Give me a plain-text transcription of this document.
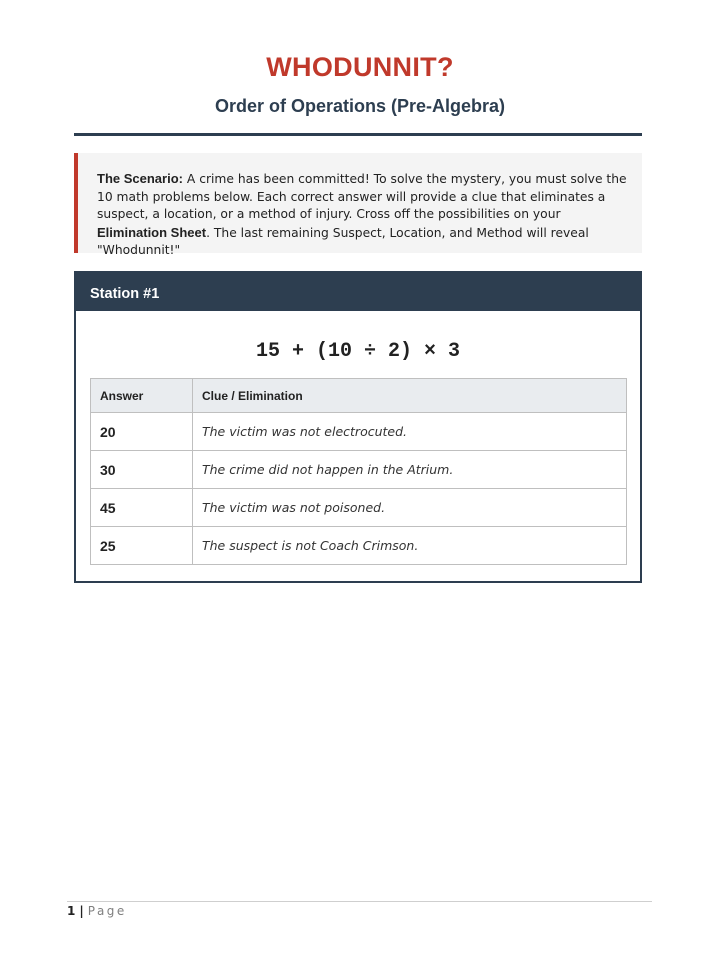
WHODUNNIT?
Order of Operations (Pre-Algebra)
The Scenario: A crime has been committed! To solve the mystery, you must solve the 10 math problems below. Each correct answer will provide a clue that eliminates a suspect, a location, or a method of injury. Cross off the possibilities on your Elimination Sheet. The last remaining Suspect, Location, and Method will reveal "Whodunnit!"
Station #1
15 + (10 ÷ 2) × 3
Answer	Clue / Elimination
20	The victim was not electrocuted.
30	The crime did not happen in the Atrium.
45	The victim was not poisoned.
25	The suspect is not Coach Crimson.
1 | Page
